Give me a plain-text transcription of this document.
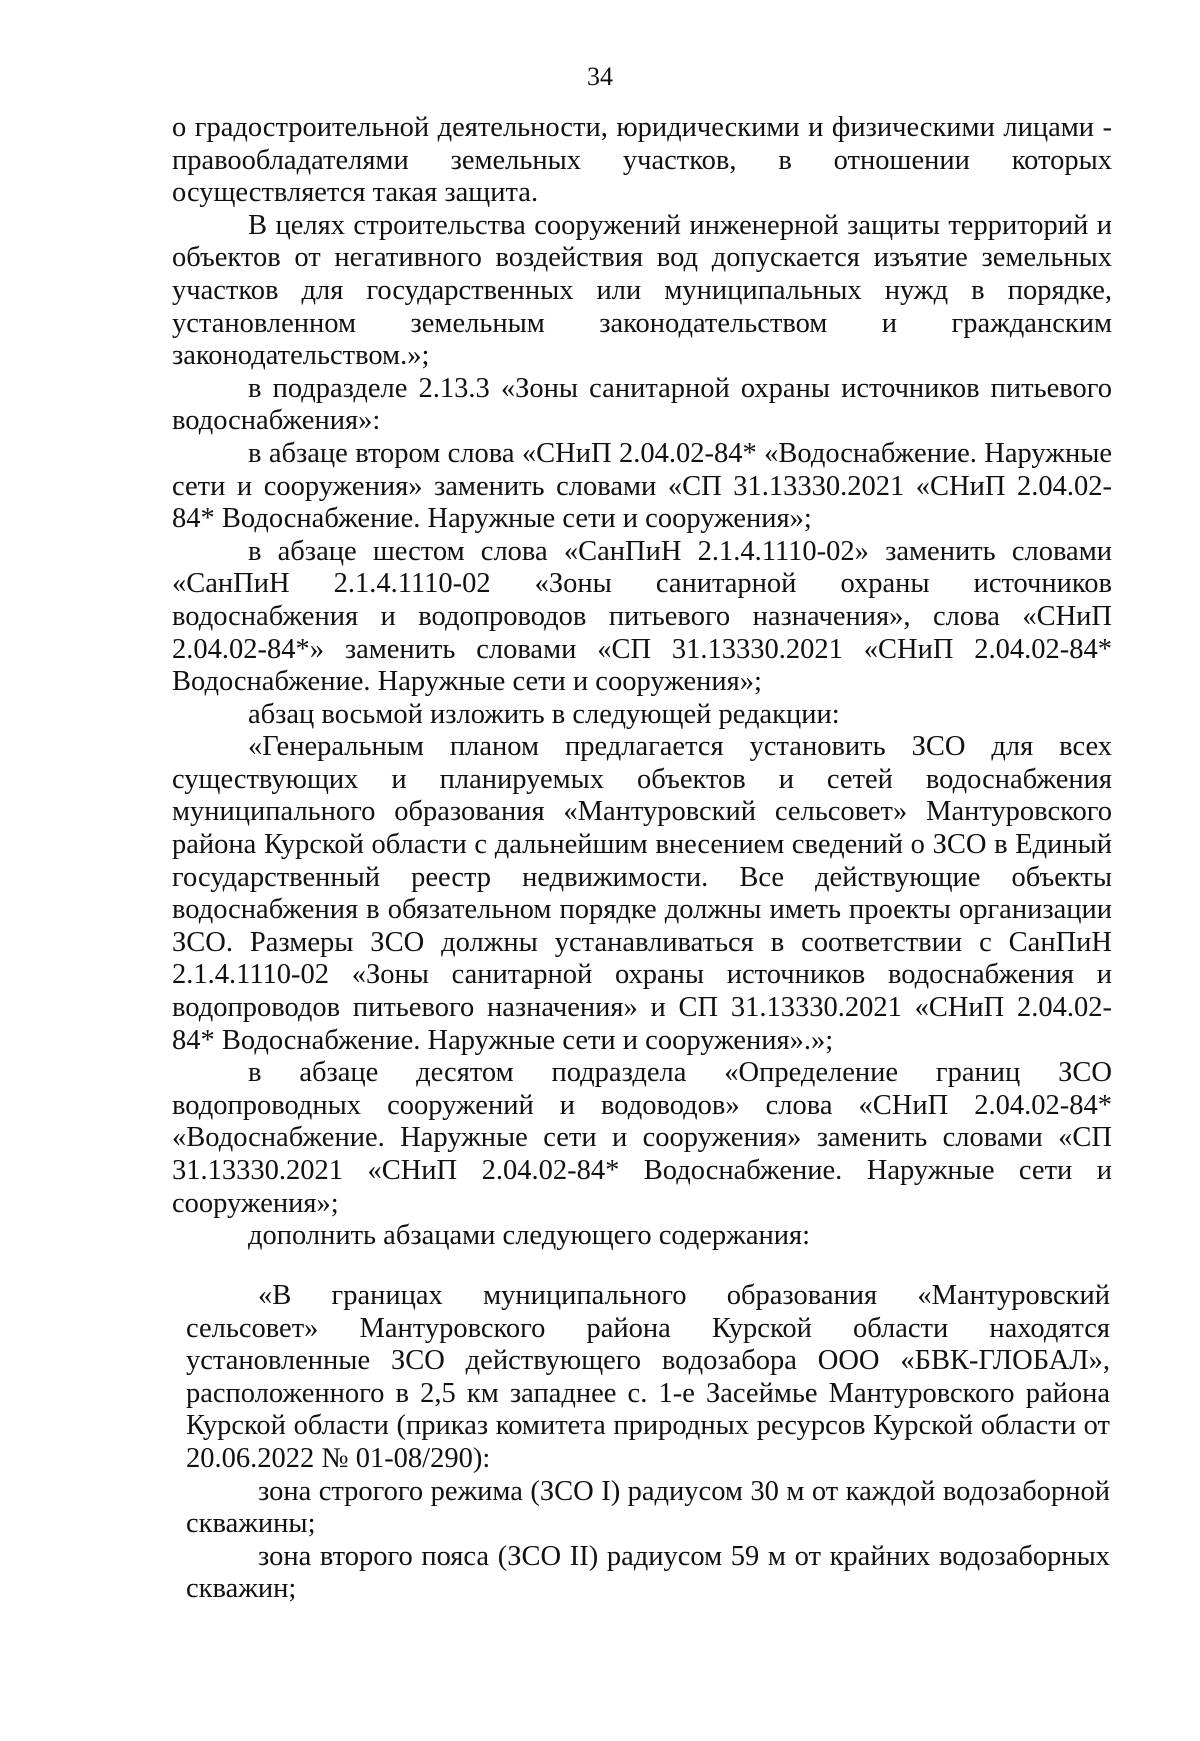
34

о градостроительной деятельности, юридическими и физическими лицами - правообладателями земельных участков, в отношении которых осуществляется такая защита.

В целях строительства сооружений инженерной защиты территорий и объектов от негативного воздействия вод допускается изъятие земельных участков для государственных или муниципальных нужд в порядке, установленном земельным законодательством и гражданским законодательством.»;

в подразделе 2.13.3 «Зоны санитарной охраны источников питьевого водоснабжения»:

в абзаце втором слова «СНиП 2.04.02-84* «Водоснабжение. Наружные сети и сооружения» заменить словами «СП 31.13330.2021 «СНиП 2.04.02-84* Водоснабжение. Наружные сети и сооружения»;

в абзаце шестом слова «СанПиН 2.1.4.1110-02» заменить словами «СанПиН 2.1.4.1110-02 «Зоны санитарной охраны источников водоснабжения и водопроводов питьевого назначения», слова «СНиП 2.04.02-84*» заменить словами «СП 31.13330.2021 «СНиП 2.04.02-84* Водоснабжение. Наружные сети и сооружения»;

абзац восьмой изложить в следующей редакции:

«Генеральным планом предлагается установить ЗСО для всех существующих и планируемых объектов и сетей водоснабжения муниципального образования «Мантуровский сельсовет» Мантуровского района Курской области с дальнейшим внесением сведений о ЗСО в Единый государственный реестр недвижимости. Все действующие объекты водоснабжения в обязательном порядке должны иметь проекты организации ЗСО. Размеры ЗСО должны устанавливаться в соответствии с СанПиН 2.1.4.1110-02 «Зоны санитарной охраны источников водоснабжения и водопроводов питьевого назначения» и СП 31.13330.2021 «СНиП 2.04.02-84* Водоснабжение. Наружные сети и сооружения».»;

в абзаце десятом подраздела «Определение границ ЗСО водопроводных сооружений и водоводов» слова «СНиП 2.04.02-84* «Водоснабжение. Наружные сети и сооружения» заменить словами «СП 31.13330.2021 «СНиП 2.04.02-84* Водоснабжение. Наружные сети и сооружения»;

дополнить абзацами следующего содержания:

«В границах муниципального образования «Мантуровский сельсовет» Мантуровского района Курской области находятся установленные ЗСО действующего водозабора ООО «БВК-ГЛОБАЛ», расположенного в 2,5 км западнее с. 1-е Засеймье Мантуровского района Курской области (приказ комитета природных ресурсов Курской области от 20.06.2022 № 01-08/290):

зона строгого режима (ЗСО I) радиусом 30 м от каждой водозаборной скважины;

зона второго пояса (ЗСО II) радиусом 59 м от крайних водозаборных скважин;
